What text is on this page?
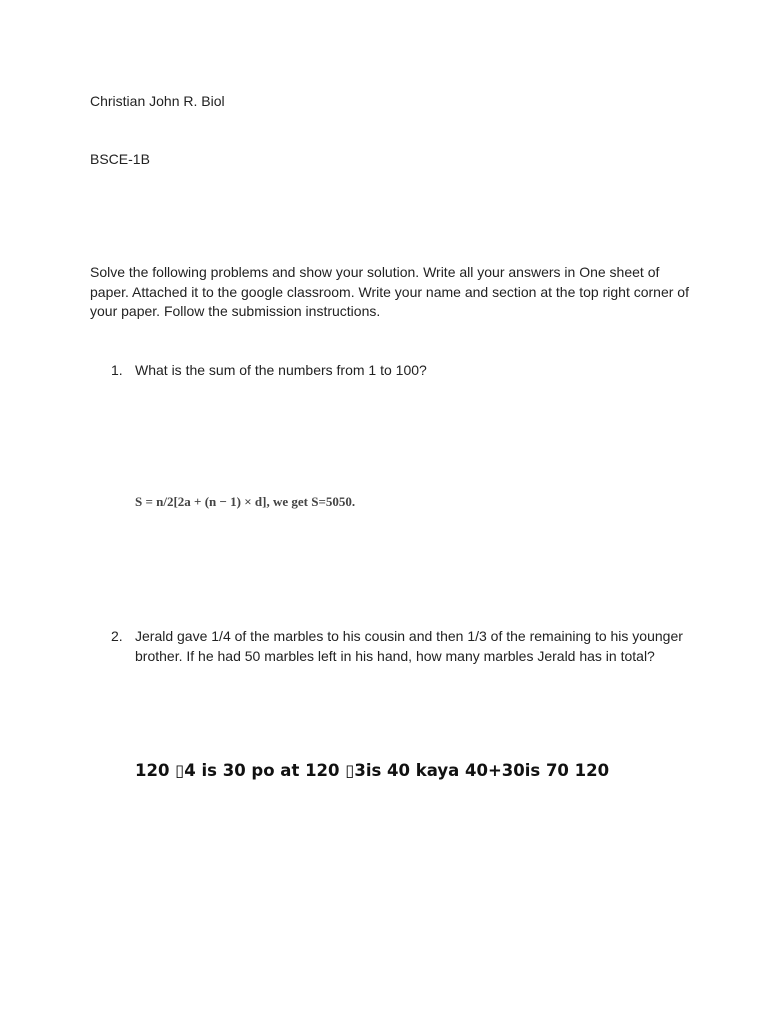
Christian John R. Biol
BSCE-1B
Solve the following problems and show your solution. Write all your answers in One sheet of paper. Attached it to the google classroom. Write your name and section at the top right corner of your paper. Follow the submission instructions.
1. What is the sum of the numbers from 1 to 100?
S = n/2[2a + (n − 1) × d], we get S=5050.
2. Jerald gave 1/4 of the marbles to his cousin and then 1/3 of the remaining to his younger brother. If he had 50 marbles left in his hand, how many marbles Jerald has in total?
120 ▯4 is 30 po at 120 ▯3is 40 kaya 40+30is 70 120
